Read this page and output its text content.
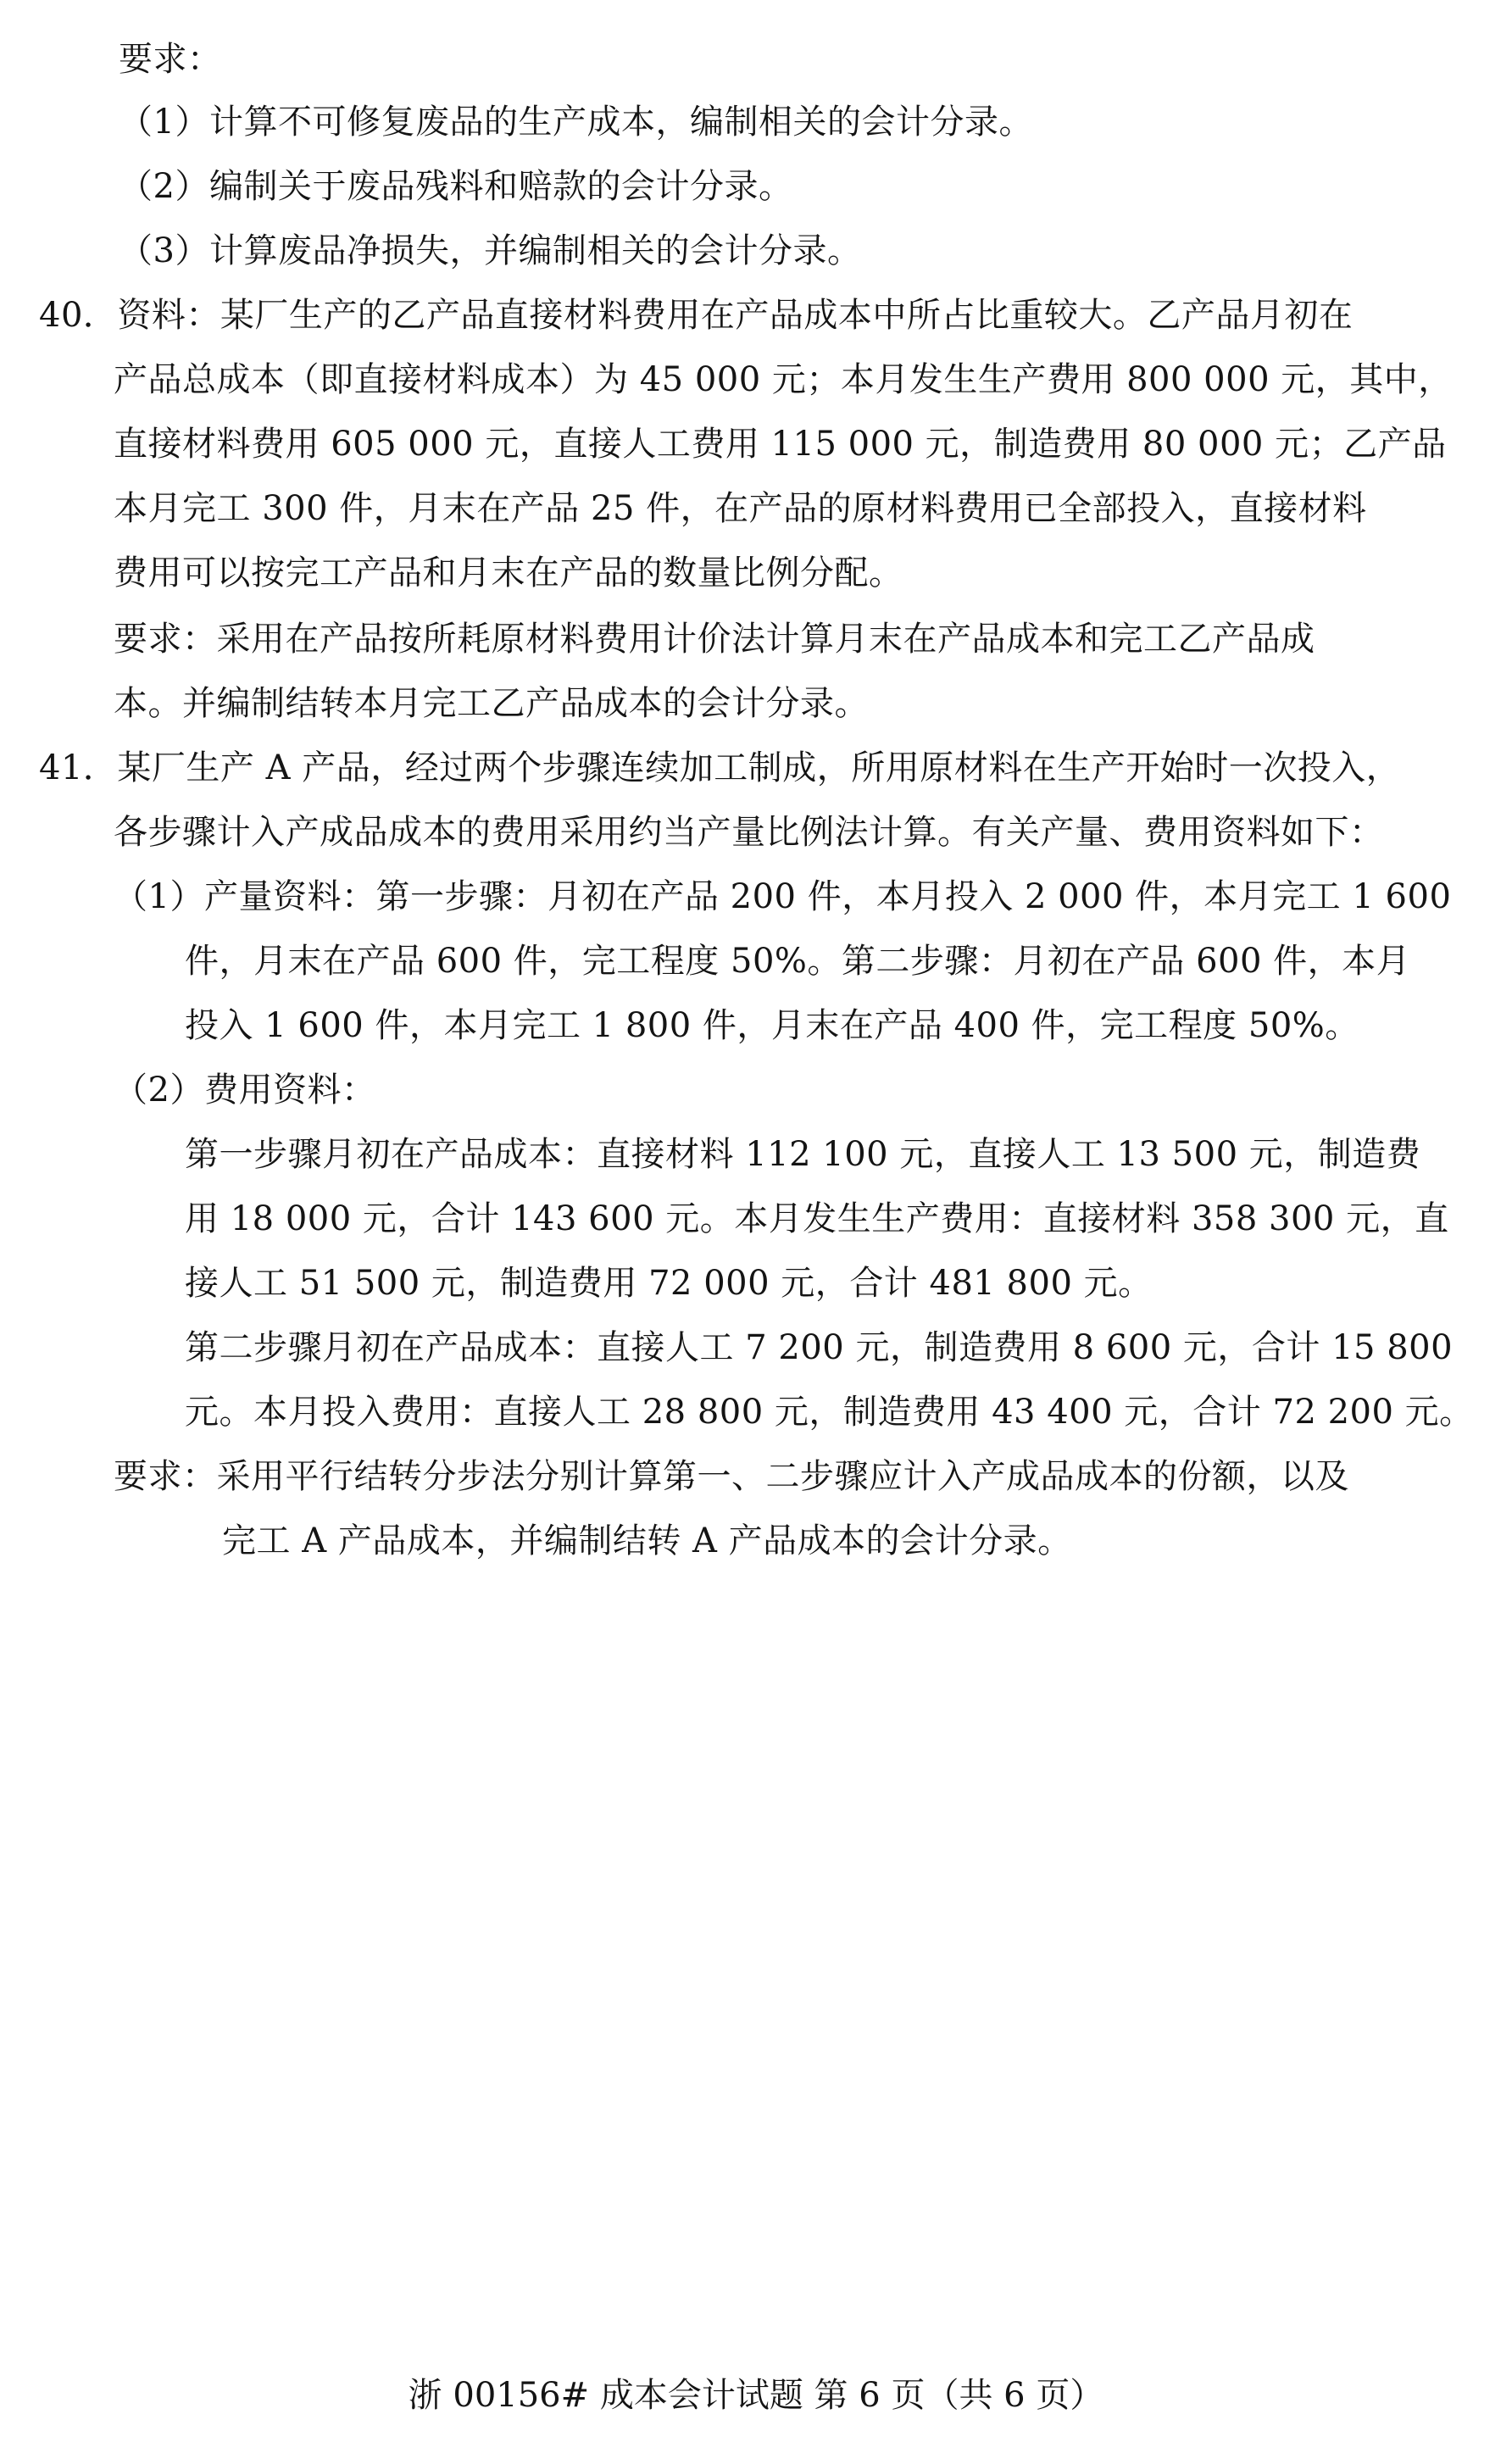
要求：
（1）计算不可修复废品的生产成本，编制相关的会计分录。
（2）编制关于废品残料和赔款的会计分录。
（3）计算废品净损失，并编制相关的会计分录。
40．资料：某厂生产的乙产品直接材料费用在产品成本中所占比重较大。乙产品月初在
产品总成本（即直接材料成本）为 45 000 元；本月发生生产费用 800 000 元，其中，
直接材料费用 605 000 元，直接人工费用 115 000 元，制造费用 80 000 元；乙产品
本月完工 300 件，月末在产品 25 件，在产品的原材料费用已全部投入，直接材料
费用可以按完工产品和月末在产品的数量比例分配。
要求：采用在产品按所耗原材料费用计价法计算月末在产品成本和完工乙产品成
本。并编制结转本月完工乙产品成本的会计分录。
41．某厂生产 A 产品，经过两个步骤连续加工制成，所用原材料在生产开始时一次投入，
各步骤计入产成品成本的费用采用约当产量比例法计算。有关产量、费用资料如下：
（1）产量资料：第一步骤：月初在产品 200 件，本月投入 2 000 件，本月完工 1 600
件，月末在产品 600 件，完工程度 50%。第二步骤：月初在产品 600 件，本月
投入 1 600 件，本月完工 1 800 件，月末在产品 400 件，完工程度 50%。
（2）费用资料：
第一步骤月初在产品成本：直接材料 112 100 元，直接人工 13 500 元，制造费
用 18 000 元，合计 143 600 元。本月发生生产费用：直接材料 358 300 元，直
接人工 51 500 元，制造费用 72 000 元，合计 481 800 元。
第二步骤月初在产品成本：直接人工 7 200 元，制造费用 8 600 元，合计 15 800
元。本月投入费用：直接人工 28 800 元，制造费用 43 400 元，合计 72 200 元。
要求：采用平行结转分步法分别计算第一、二步骤应计入产成品成本的份额，以及
完工 A 产品成本，并编制结转 A 产品成本的会计分录。
浙 00156# 成本会计试题 第 6 页（共 6 页）
